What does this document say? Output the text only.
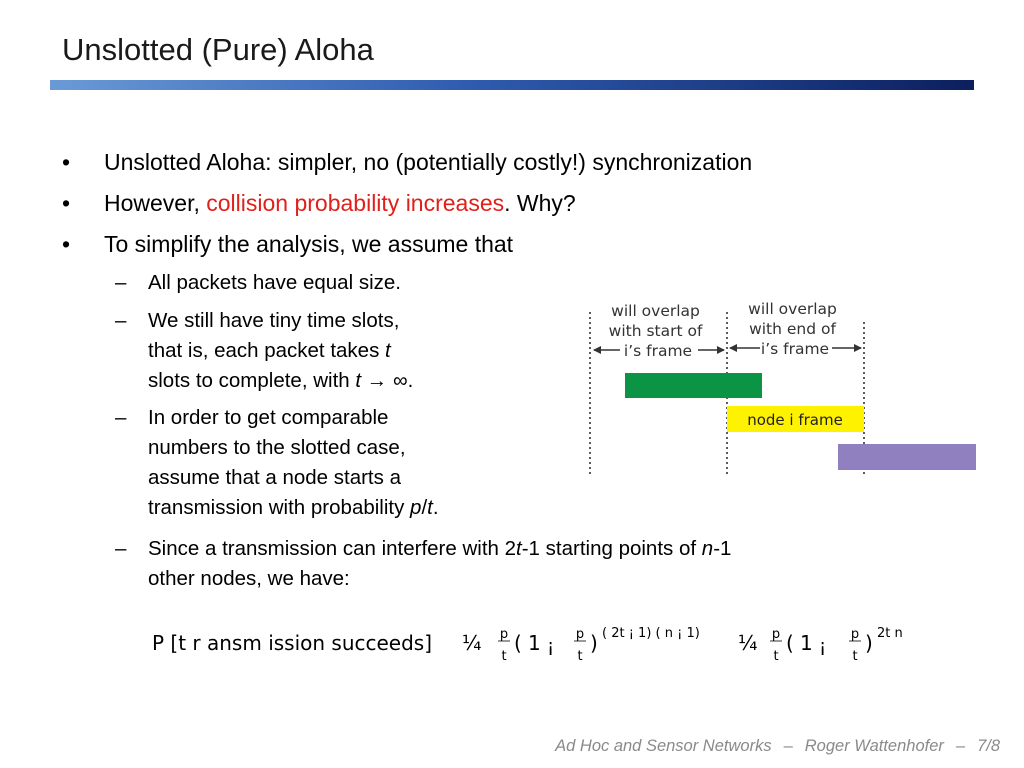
Unslotted (Pure) Aloha
• Unslotted Aloha: simpler, no (potentially costly!) synchronization
• However, collision probability increases. Why?
• To simplify the analysis, we assume that
– All packets have equal size.
– We still have tiny time slots,
that is, each packet takes t
slots to complete, with t → ∞.
– In order to get comparable
numbers to the slotted case,
assume that a node starts a
transmission with probability p/t.
– Since a transmission can interfere with 2t-1 starting points of n-1
other nodes, we have:
will overlap with start of i’s frame
will overlap with end of i’s frame
node i frame
P [t r ansm ission succeeds] ¼ p
t
( 1 ¡
p
t
) ( 2t ¡ 1) ( n ¡ 1) ¼ p
t
( 1 ¡
p
t
) 2t n
Ad Hoc and Sensor Networks – Roger Wattenhofer – 7/8
